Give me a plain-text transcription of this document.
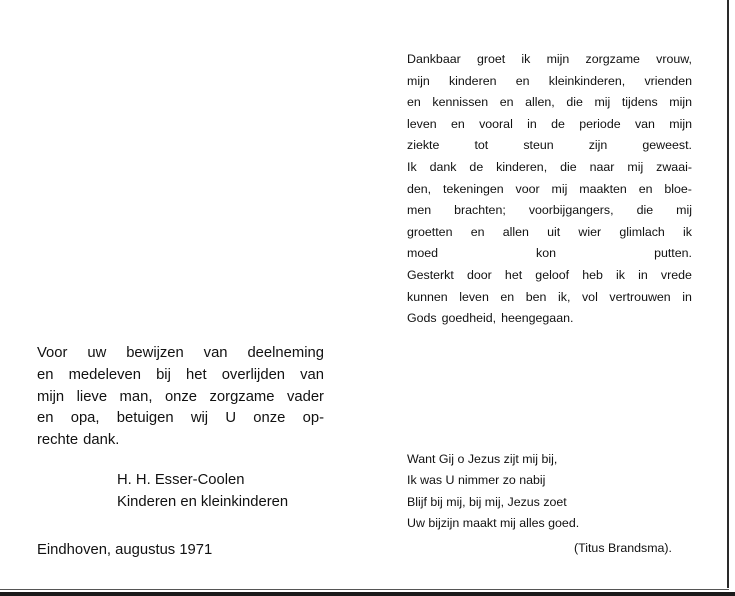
Dankbaar groet ik mijn zorgzame vrouw,
mijn kinderen en kleinkinderen, vrienden
en kennissen en allen, die mij tijdens mijn
leven en vooral in de periode van mijn
ziekte	tot	steun	zijn	geweest.
Ik dank de kinderen, die naar mij zwaai-
den, tekeningen voor mij maakten en bloe-
men brachten; voorbijgangers, die mij
groetten en allen uit wier glimlach ik
moed	kon	putten.
Gesterkt door het geloof heb ik in vrede
kunnen leven en ben ik, vol vertrouwen in
Gods goedheid, heengegaan.
Voor uw bewijzen van deelneming
en medeleven bij het overlijden van
mijn lieve man, onze zorgzame vader
en opa, betuigen wij U onze op-
rechte dank.
H. H. Esser-Coolen
Kinderen en kleinkinderen
Eindhoven, augustus 1971
Want Gij o Jezus zijt mij bij,
Ik was U nimmer zo nabij
Blijf bij mij, bij mij, Jezus zoet
Uw bijzijn maakt mij alles goed.
(Titus Brandsma).
